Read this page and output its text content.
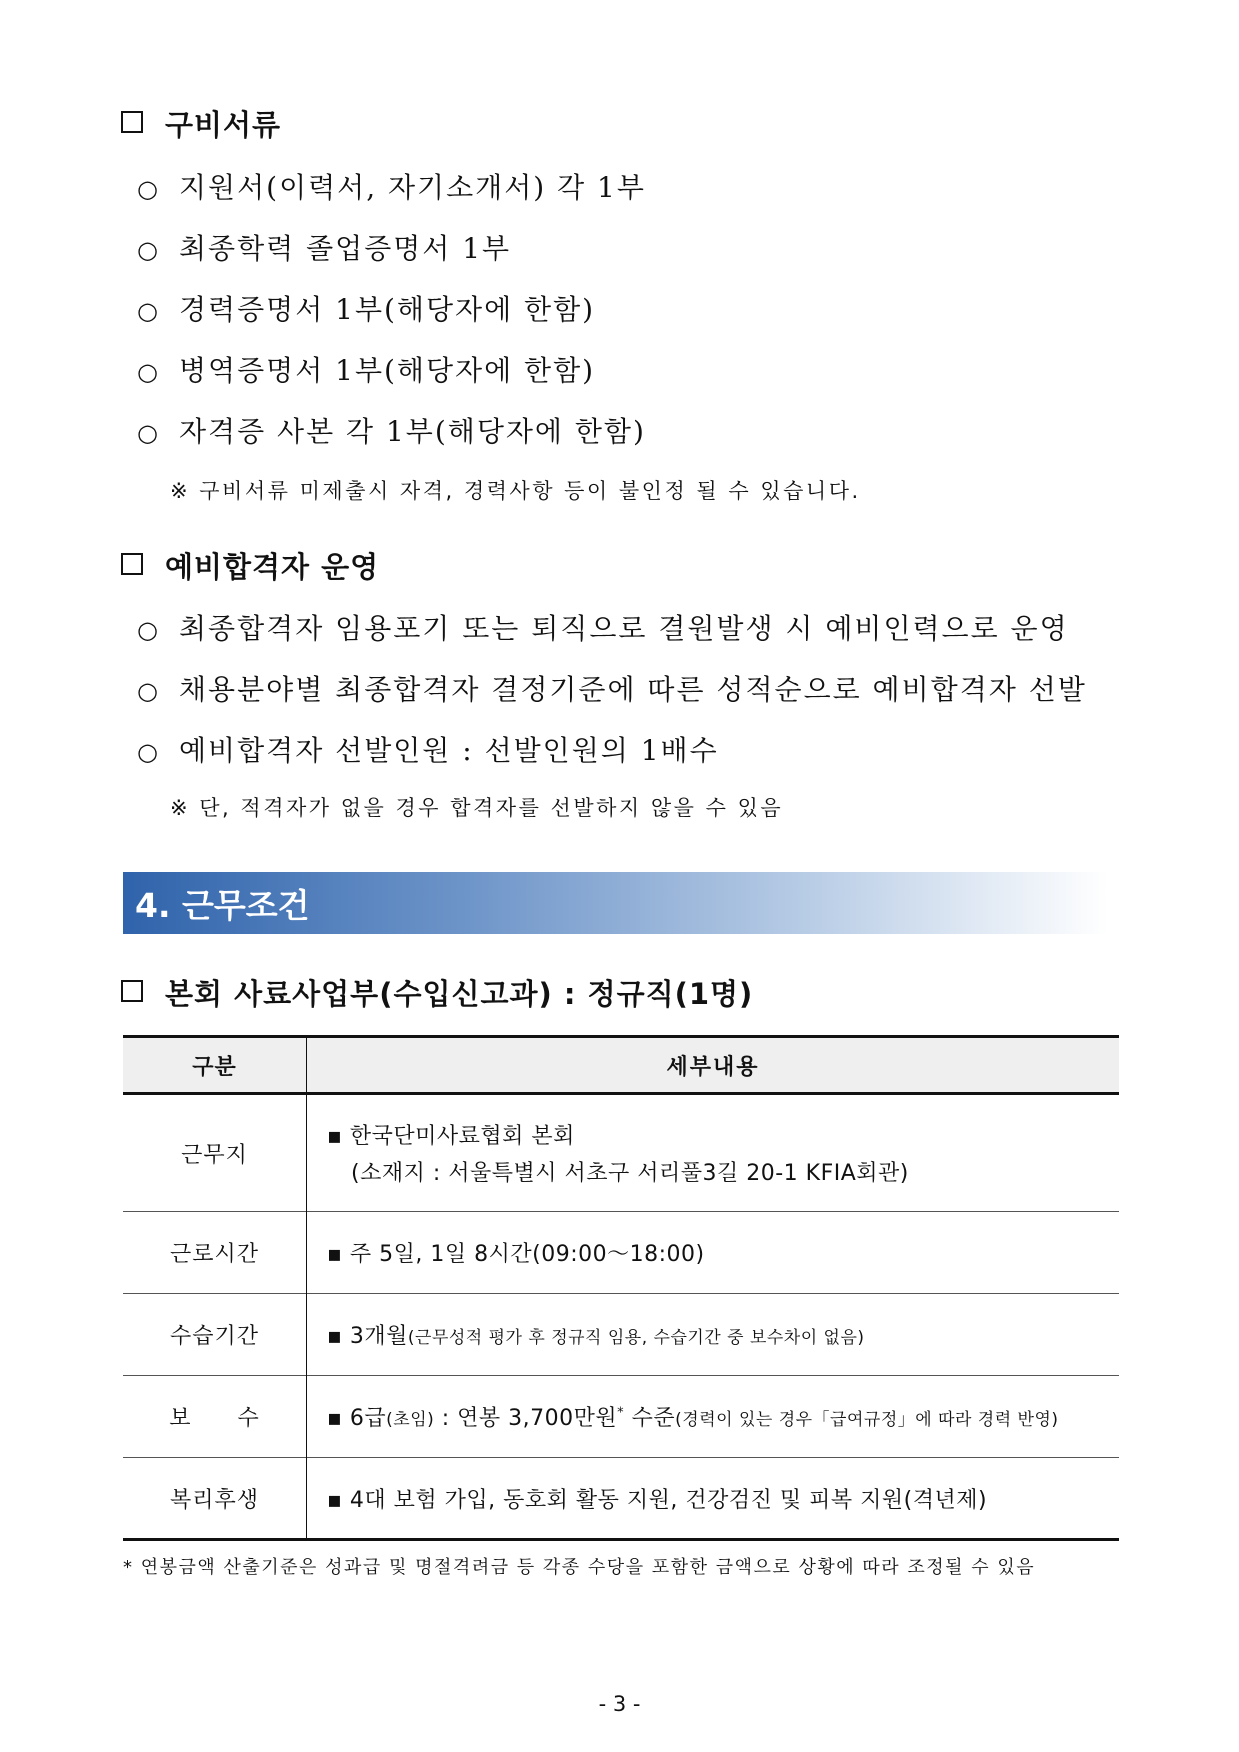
구비서류
○ 지원서(이력서, 자기소개서) 각 1부
○ 최종학력 졸업증명서 1부
○ 경력증명서 1부(해당자에 한함)
○ 병역증명서 1부(해당자에 한함)
○ 자격증 사본 각 1부(해당자에 한함)
※ 구비서류 미제출시 자격, 경력사항 등이 불인정 될 수 있습니다.
예비합격자 운영
○ 최종합격자 임용포기 또는 퇴직으로 결원발생 시 예비인력으로 운영
○ 채용분야별 최종합격자 결정기준에 따른 성적순으로 예비합격자 선발
○ 예비합격자 선발인원 : 선발인원의 1배수
※ 단, 적격자가 없을 경우 합격자를 선발하지 않을 수 있음
4. 근무조건
본회 사료사업부(수입신고과) : 정규직(1명)
구분	세부내용
근무지	▪ 한국단미사료협회 본회
(소재지 : 서울특별시 서초구 서리풀3길 20-1 KFIA회관)

근로시간	▪ 주 5일, 1일 8시간(09:00～18:00)
수습기간	▪ 3개월(근무성적 평가 후 정규직 임용, 수습기간 중 보수차이 없음)
보　　수	▪ 6급(초임) : 연봉 3,700만원* 수준(경력이 있는 경우「급여규정」에 따라 경력 반영)
복리후생	▪ 4대 보험 가입, 동호회 활동 지원, 건강검진 및 피복 지원(격년제)
* 연봉금액 산출기준은 성과급 및 명절격려금 등 각종 수당을 포함한 금액으로 상황에 따라 조정될 수 있음
- 3 -
